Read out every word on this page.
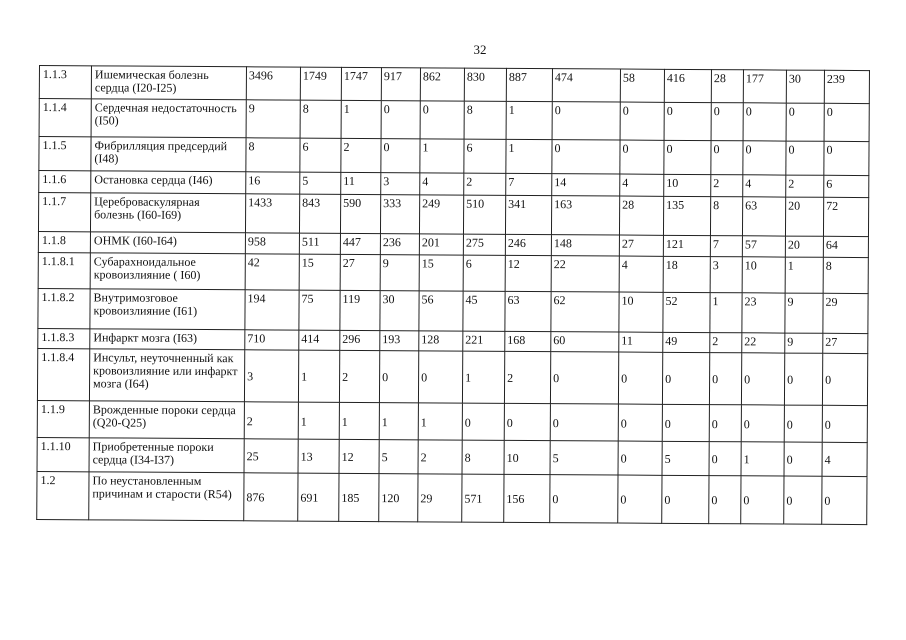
32
1.1.3	Ишемическая болезнь сердца (I20-I25)	3496	1749	1747	917	862	830	887	474	58	416	28	177	30	239
1.1.4	Сердечная недостаточность (I50)	9	8	1	0	0	8	1	0	0	0	0	0	0	0
1.1.5	Фибрилляция предсердий (I48)	8	6	2	0	1	6	1	0	0	0	0	0	0	0
1.1.6	Остановка сердца (I46)	16	5	11	3	4	2	7	14	4	10	2	4	2	6
1.1.7	Цереброваскулярная болезнь (I60-I69)	1433	843	590	333	249	510	341	163	28	135	8	63	20	72
1.1.8	ОНМК (I60-I64)	958	511	447	236	201	275	246	148	27	121	7	57	20	64
1.1.8.1	Субарахноидальное кровоизлияние ( I60)	42	15	27	9	15	6	12	22	4	18	3	10	1	8
1.1.8.2	Внутримозговое кровоизлияние (I61)	194	75	119	30	56	45	63	62	10	52	1	23	9	29
1.1.8.3	Инфаркт мозга (I63)	710	414	296	193	128	221	168	60	11	49	2	22	9	27
1.1.8.4	Инсульт, неуточненный как кровоизлияние или инфаркт мозга (I64)	3	1	2	0	0	1	2	0	0	0	0	0	0	0
1.1.9	Врожденные пороки сердца (Q20-Q25)	2	1	1	1	1	0	0	0	0	0	0	0	0	0
1.1.10	Приобретенные пороки сердца (I34-I37)	25	13	12	5	2	8	10	5	0	5	0	1	0	4
1.2	По неустановленным причинам и старости (R54)	876	691	185	120	29	571	156	0	0	0	0	0	0	0
